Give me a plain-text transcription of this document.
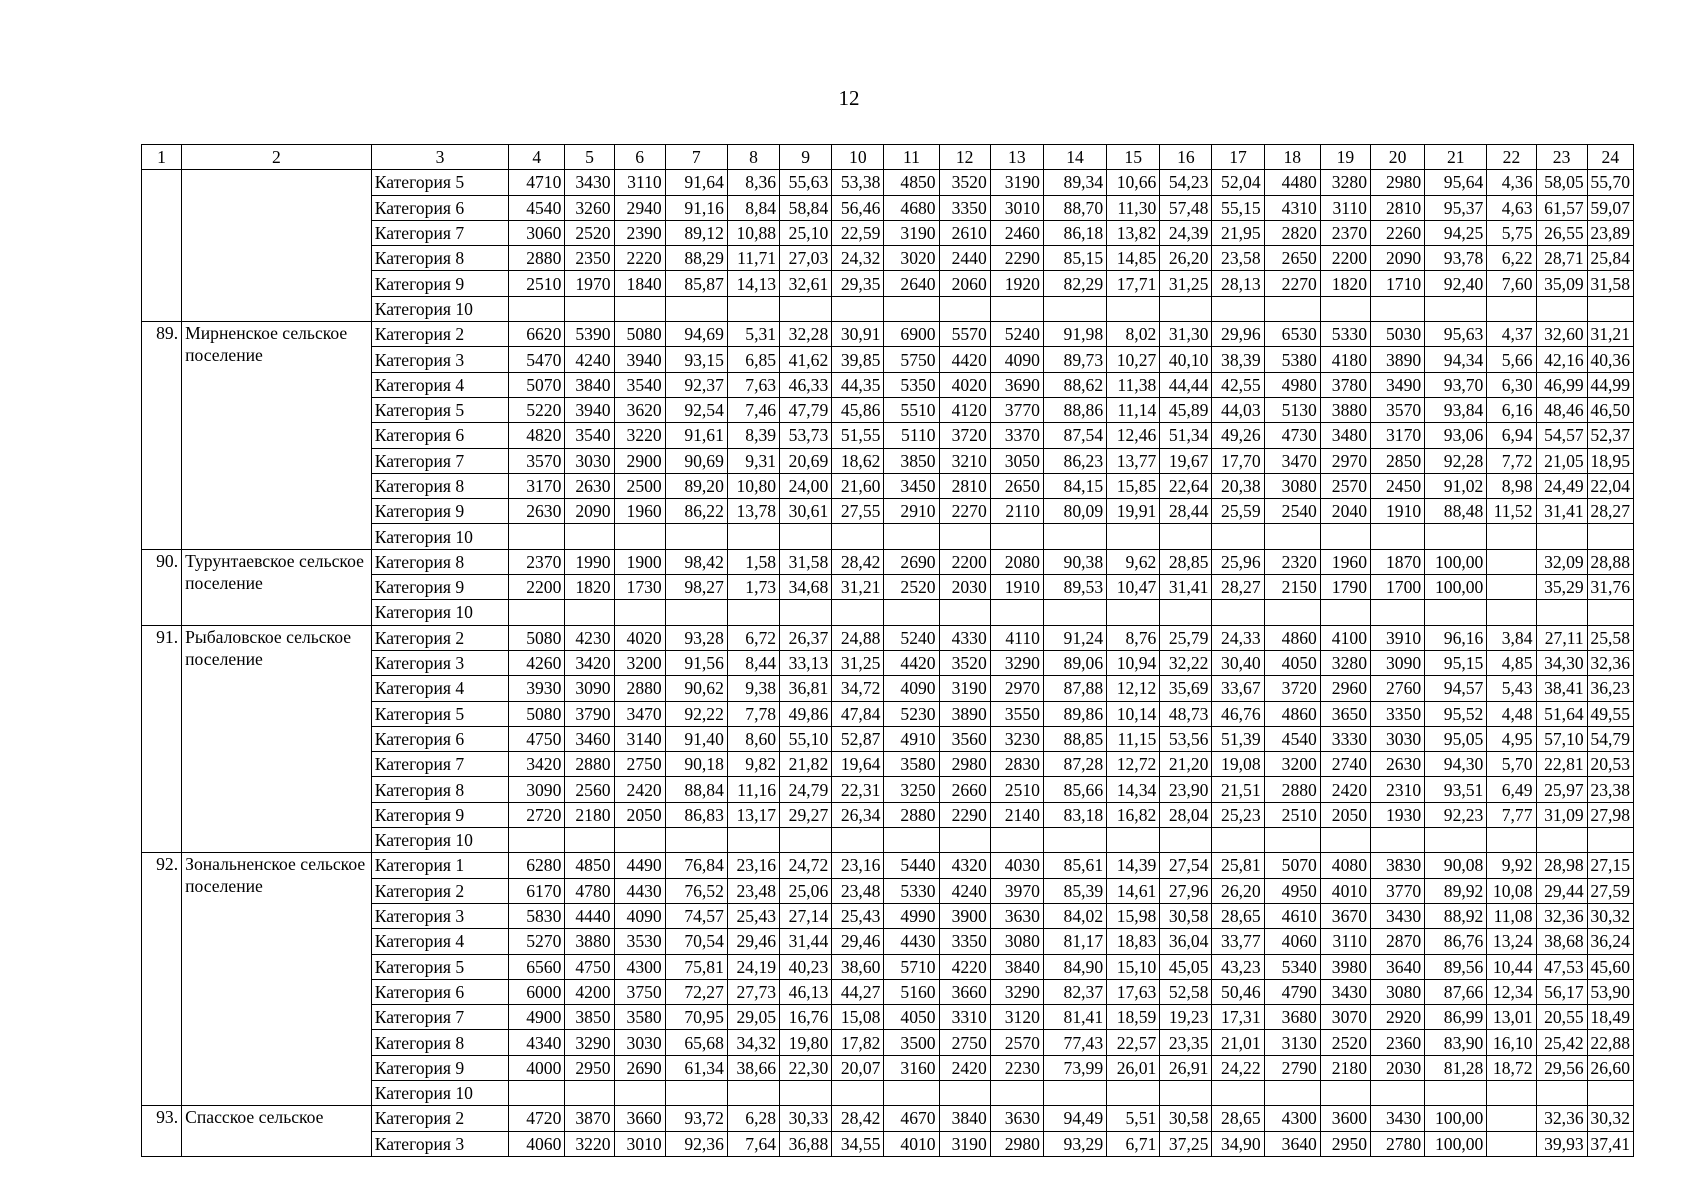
12
1	2	3	4	5	6	7	8	9	10	11	12	13	14	15	16	17	18	19	20	21	22	23	24
		Категория 5	4710	3430	3110	91,64	8,36	55,63	53,38	4850	3520	3190	89,34	10,66	54,23	52,04	4480	3280	2980	95,64	4,36	58,05	55,70
		Категория 6	4540	3260	2940	91,16	8,84	58,84	56,46	4680	3350	3010	88,70	11,30	57,48	55,15	4310	3110	2810	95,37	4,63	61,57	59,07
		Категория 7	3060	2520	2390	89,12	10,88	25,10	22,59	3190	2610	2460	86,18	13,82	24,39	21,95	2820	2370	2260	94,25	5,75	26,55	23,89
		Категория 8	2880	2350	2220	88,29	11,71	27,03	24,32	3020	2440	2290	85,15	14,85	26,20	23,58	2650	2200	2090	93,78	6,22	28,71	25,84
		Категория 9	2510	1970	1840	85,87	14,13	32,61	29,35	2640	2060	1920	82,29	17,71	31,25	28,13	2270	1820	1710	92,40	7,60	35,09	31,58
		Категория 10																					
89.	Мирненское сельское поселение	Категория 2	6620	5390	5080	94,69	5,31	32,28	30,91	6900	5570	5240	91,98	8,02	31,30	29,96	6530	5330	5030	95,63	4,37	32,60	31,21
		Категория 3	5470	4240	3940	93,15	6,85	41,62	39,85	5750	4420	4090	89,73	10,27	40,10	38,39	5380	4180	3890	94,34	5,66	42,16	40,36
		Категория 4	5070	3840	3540	92,37	7,63	46,33	44,35	5350	4020	3690	88,62	11,38	44,44	42,55	4980	3780	3490	93,70	6,30	46,99	44,99
		Категория 5	5220	3940	3620	92,54	7,46	47,79	45,86	5510	4120	3770	88,86	11,14	45,89	44,03	5130	3880	3570	93,84	6,16	48,46	46,50
		Категория 6	4820	3540	3220	91,61	8,39	53,73	51,55	5110	3720	3370	87,54	12,46	51,34	49,26	4730	3480	3170	93,06	6,94	54,57	52,37
		Категория 7	3570	3030	2900	90,69	9,31	20,69	18,62	3850	3210	3050	86,23	13,77	19,67	17,70	3470	2970	2850	92,28	7,72	21,05	18,95
		Категория 8	3170	2630	2500	89,20	10,80	24,00	21,60	3450	2810	2650	84,15	15,85	22,64	20,38	3080	2570	2450	91,02	8,98	24,49	22,04
		Категория 9	2630	2090	1960	86,22	13,78	30,61	27,55	2910	2270	2110	80,09	19,91	28,44	25,59	2540	2040	1910	88,48	11,52	31,41	28,27
		Категория 10																					
90.	Турунтаевское сельское поселение	Категория 8	2370	1990	1900	98,42	1,58	31,58	28,42	2690	2200	2080	90,38	9,62	28,85	25,96	2320	1960	1870	100,00		32,09	28,88
		Категория 9	2200	1820	1730	98,27	1,73	34,68	31,21	2520	2030	1910	89,53	10,47	31,41	28,27	2150	1790	1700	100,00		35,29	31,76
		Категория 10																					
91.	Рыбаловское сельское поселение	Категория 2	5080	4230	4020	93,28	6,72	26,37	24,88	5240	4330	4110	91,24	8,76	25,79	24,33	4860	4100	3910	96,16	3,84	27,11	25,58
		Категория 3	4260	3420	3200	91,56	8,44	33,13	31,25	4420	3520	3290	89,06	10,94	32,22	30,40	4050	3280	3090	95,15	4,85	34,30	32,36
		Категория 4	3930	3090	2880	90,62	9,38	36,81	34,72	4090	3190	2970	87,88	12,12	35,69	33,67	3720	2960	2760	94,57	5,43	38,41	36,23
		Категория 5	5080	3790	3470	92,22	7,78	49,86	47,84	5230	3890	3550	89,86	10,14	48,73	46,76	4860	3650	3350	95,52	4,48	51,64	49,55
		Категория 6	4750	3460	3140	91,40	8,60	55,10	52,87	4910	3560	3230	88,85	11,15	53,56	51,39	4540	3330	3030	95,05	4,95	57,10	54,79
		Категория 7	3420	2880	2750	90,18	9,82	21,82	19,64	3580	2980	2830	87,28	12,72	21,20	19,08	3200	2740	2630	94,30	5,70	22,81	20,53
		Категория 8	3090	2560	2420	88,84	11,16	24,79	22,31	3250	2660	2510	85,66	14,34	23,90	21,51	2880	2420	2310	93,51	6,49	25,97	23,38
		Категория 9	2720	2180	2050	86,83	13,17	29,27	26,34	2880	2290	2140	83,18	16,82	28,04	25,23	2510	2050	1930	92,23	7,77	31,09	27,98
		Категория 10																					
92.	Зональненское сельское поселение	Категория 1	6280	4850	4490	76,84	23,16	24,72	23,16	5440	4320	4030	85,61	14,39	27,54	25,81	5070	4080	3830	90,08	9,92	28,98	27,15
		Категория 2	6170	4780	4430	76,52	23,48	25,06	23,48	5330	4240	3970	85,39	14,61	27,96	26,20	4950	4010	3770	89,92	10,08	29,44	27,59
		Категория 3	5830	4440	4090	74,57	25,43	27,14	25,43	4990	3900	3630	84,02	15,98	30,58	28,65	4610	3670	3430	88,92	11,08	32,36	30,32
		Категория 4	5270	3880	3530	70,54	29,46	31,44	29,46	4430	3350	3080	81,17	18,83	36,04	33,77	4060	3110	2870	86,76	13,24	38,68	36,24
		Категория 5	6560	4750	4300	75,81	24,19	40,23	38,60	5710	4220	3840	84,90	15,10	45,05	43,23	5340	3980	3640	89,56	10,44	47,53	45,60
		Категория 6	6000	4200	3750	72,27	27,73	46,13	44,27	5160	3660	3290	82,37	17,63	52,58	50,46	4790	3430	3080	87,66	12,34	56,17	53,90
		Категория 7	4900	3850	3580	70,95	29,05	16,76	15,08	4050	3310	3120	81,41	18,59	19,23	17,31	3680	3070	2920	86,99	13,01	20,55	18,49
		Категория 8	4340	3290	3030	65,68	34,32	19,80	17,82	3500	2750	2570	77,43	22,57	23,35	21,01	3130	2520	2360	83,90	16,10	25,42	22,88
		Категория 9	4000	2950	2690	61,34	38,66	22,30	20,07	3160	2420	2230	73,99	26,01	26,91	24,22	2790	2180	2030	81,28	18,72	29,56	26,60
		Категория 10																					
93.	Спасское сельское	Категория 2	4720	3870	3660	93,72	6,28	30,33	28,42	4670	3840	3630	94,49	5,51	30,58	28,65	4300	3600	3430	100,00		32,36	30,32
		Категория 3	4060	3220	3010	92,36	7,64	36,88	34,55	4010	3190	2980	93,29	6,71	37,25	34,90	3640	2950	2780	100,00		39,93	37,41
